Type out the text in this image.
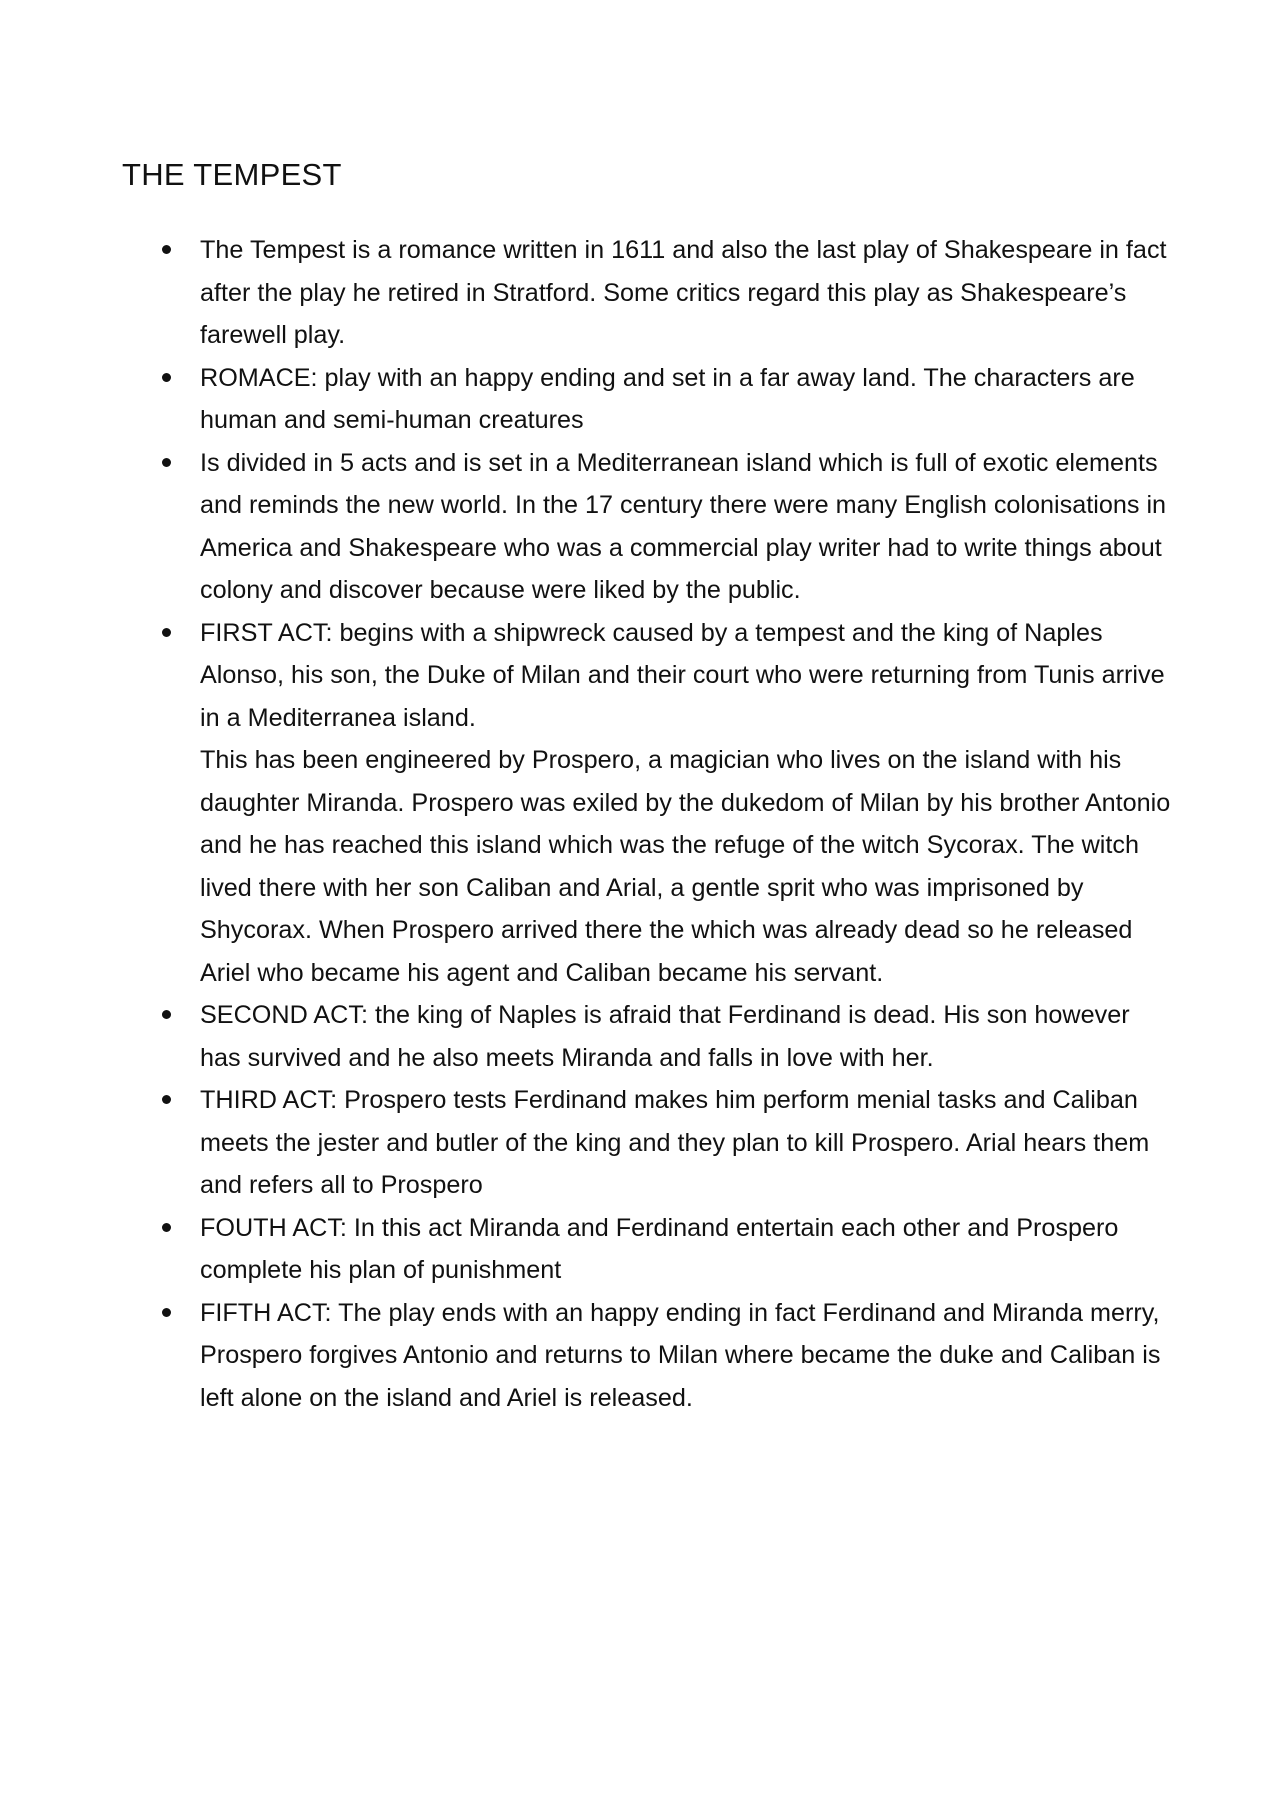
THE TEMPEST
The Tempest is a romance written in 1611 and also the last play of Shakespeare in fact after the play he retired in Stratford. Some critics regard this play as Shakespeare’s farewell play.
ROMACE: play with an happy ending and set in a far away land. The characters are human and semi-human creatures
Is divided in 5 acts and is set in a Mediterranean island which is full of exotic elements and reminds the new world. In the 17 century there were many English colonisations in America and Shakespeare who was a commercial play writer had to write things about colony and discover because were liked by the public.
FIRST ACT: begins with a shipwreck caused by a tempest and the king of Naples Alonso, his son, the Duke of Milan and their court who were returning from Tunis arrive in a Mediterranea island.
This has been engineered by Prospero, a magician who lives on the island with his daughter Miranda. Prospero was exiled by the dukedom of Milan by his brother Antonio and he has reached this island which was the refuge of the witch Sycorax. The witch lived there with her son Caliban and Arial, a gentle sprit who was imprisoned by Shycorax. When Prospero arrived there the which was already dead so he released Ariel who became his agent and Caliban became his servant.
SECOND ACT: the king of Naples is afraid that Ferdinand is dead. His son however has survived and he also meets Miranda and falls in love with her.
THIRD ACT: Prospero tests Ferdinand makes him perform menial tasks and Caliban meets the jester and butler of the king and they plan to kill Prospero. Arial hears them and refers all to Prospero
FOUTH ACT: In this act Miranda and Ferdinand entertain each other and Prospero complete his plan of punishment
FIFTH ACT: The play ends with an happy ending in fact Ferdinand and Miranda merry, Prospero forgives Antonio and returns to Milan where became the duke and Caliban is left alone on the island and Ariel is released.
